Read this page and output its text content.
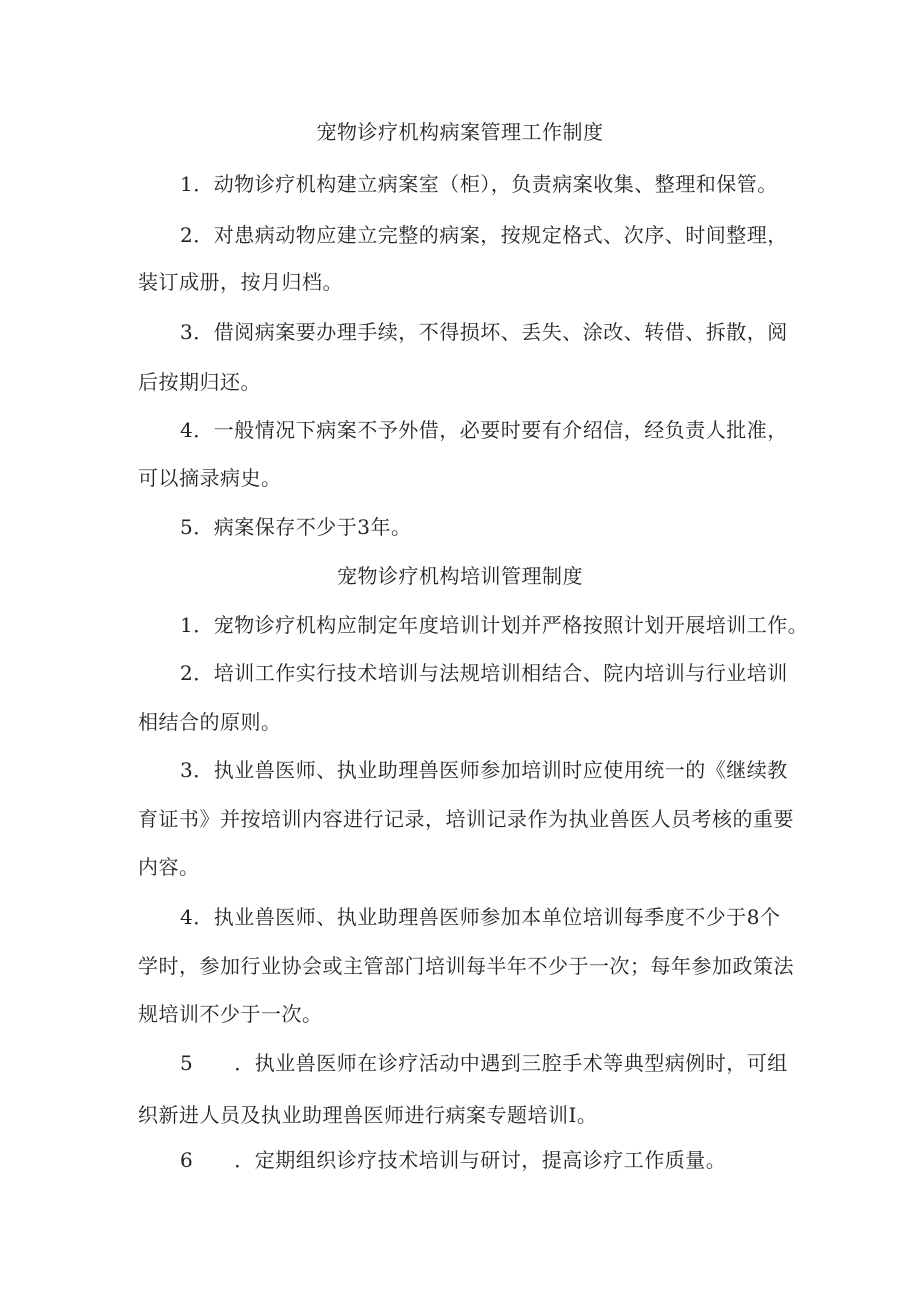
宠物诊疗机构病案管理工作制度
1．动物诊疗机构建立病案室（柜），负责病案收集、整理和保管。
2．对患病动物应建立完整的病案，按规定格式、次序、时间整理，
装订成册，按月归档。
3．借阅病案要办理手续，不得损坏、丢失、涂改、转借、拆散，阅
后按期归还。
4．一般情况下病案不予外借，必要时要有介绍信，经负责人批准，
可以摘录病史。
5．病案保存不少于3年。
宠物诊疗机构培训管理制度
1．宠物诊疗机构应制定年度培训计划并严格按照计划开展培训工作。
2．培训工作实行技术培训与法规培训相结合、院内培训与行业培训
相结合的原则。
3．执业兽医师、执业助理兽医师参加培训时应使用统一的《继续教
育证书》并按培训内容进行记录，培训记录作为执业兽医人员考核的重要
内容。
4．执业兽医师、执业助理兽医师参加本单位培训每季度不少于8个
学时，参加行业协会或主管部门培训每半年不少于一次；每年参加政策法
规培训不少于一次。
5　　．执业兽医师在诊疗活动中遇到三腔手术等典型病例时，可组
织新进人员及执业助理兽医师进行病案专题培训I。
6　　．定期组织诊疗技术培训与研讨，提高诊疗工作质量。
